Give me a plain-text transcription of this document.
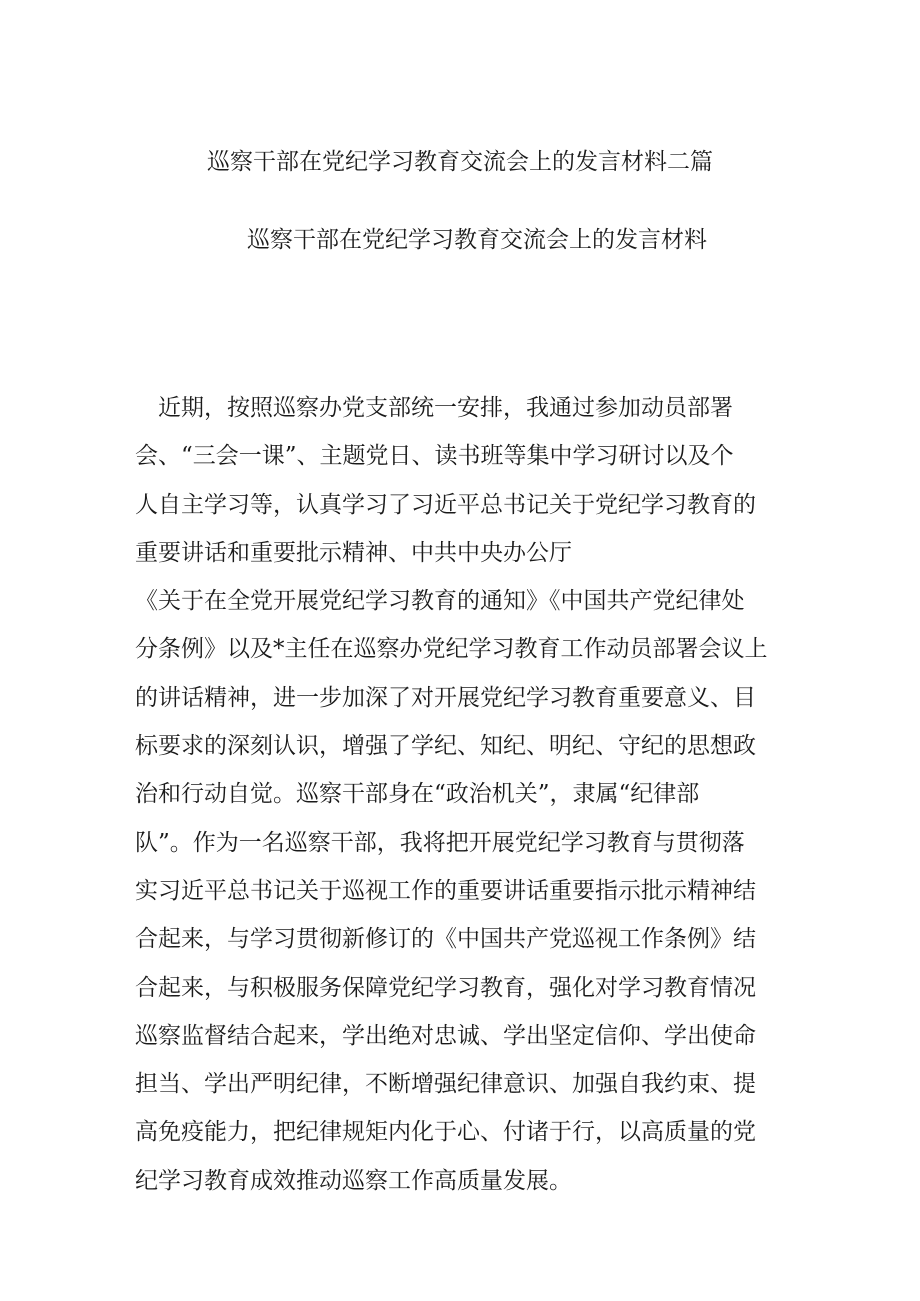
巡察干部在党纪学习教育交流会上的发言材料二篇
巡察干部在党纪学习教育交流会上的发言材料
　近期，按照巡察办党支部统一安排，我通过参加动员部署
会、“三会一课”、主题党日、读书班等集中学习研讨以及个
人自主学习等，认真学习了习近平总书记关于党纪学习教育的
重要讲话和重要批示精神、中共中央办公厅
《关于在全党开展党纪学习教育的通知》《中国共产党纪律处
分条例》以及*主任在巡察办党纪学习教育工作动员部署会议上
的讲话精神，进一步加深了对开展党纪学习教育重要意义、目
标要求的深刻认识，增强了学纪、知纪、明纪、守纪的思想政
治和行动自觉。巡察干部身在“政治机关”，隶属“纪律部
队”。作为一名巡察干部，我将把开展党纪学习教育与贯彻落
实习近平总书记关于巡视工作的重要讲话重要指示批示精神结
合起来，与学习贯彻新修订的《中国共产党巡视工作条例》结
合起来，与积极服务保障党纪学习教育，强化对学习教育情况
巡察监督结合起来，学出绝对忠诚、学出坚定信仰、学出使命
担当、学出严明纪律，不断增强纪律意识、加强自我约束、提
高免疫能力，把纪律规矩内化于心、付诸于行，以高质量的党
纪学习教育成效推动巡察工作高质量发展。
